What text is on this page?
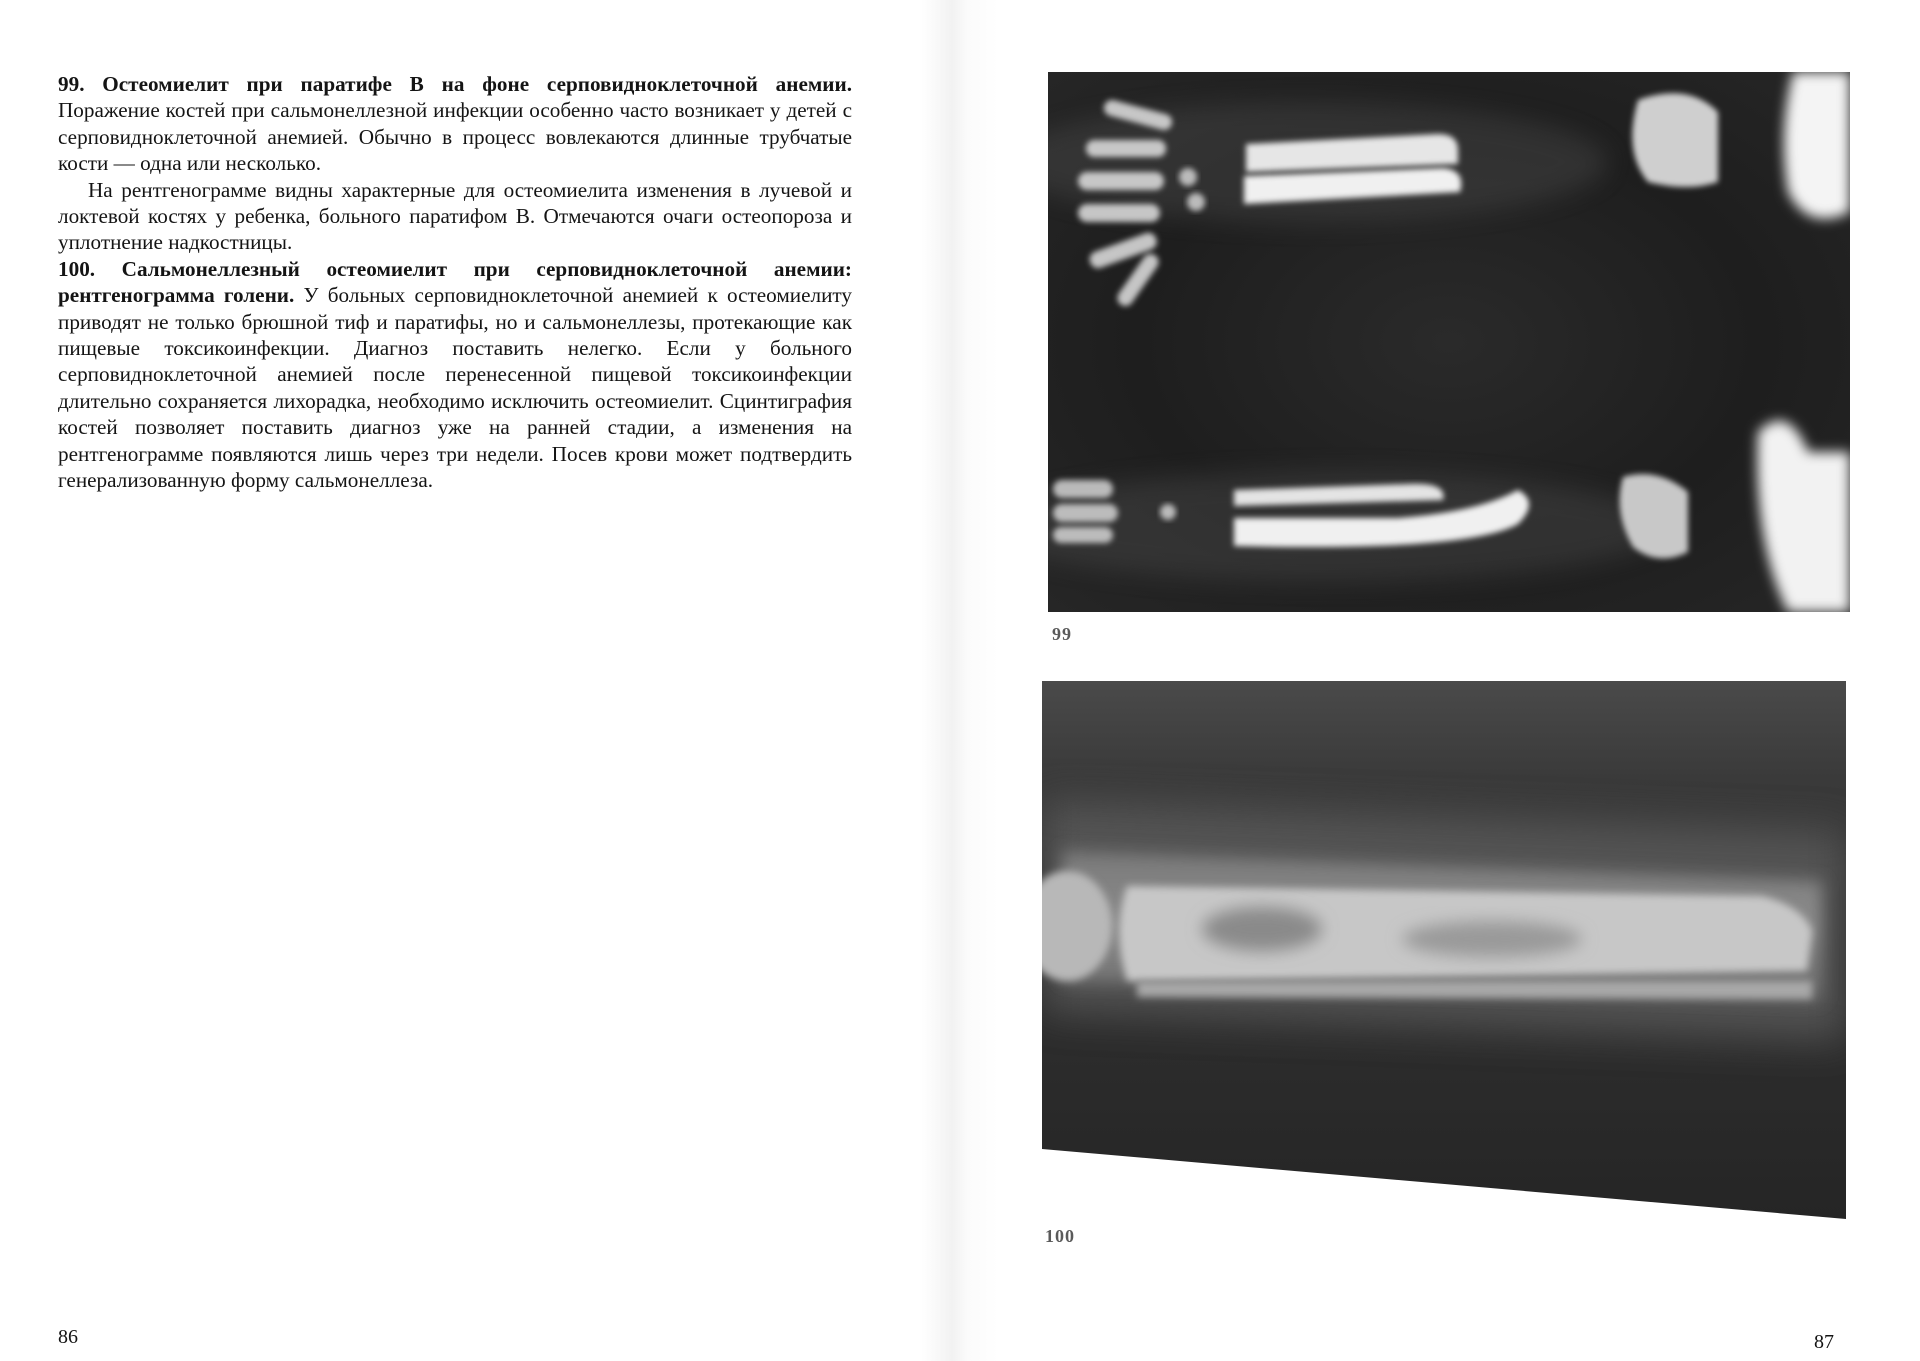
99. Остеомиелит при паратифе В на фоне серповидноклеточной анемии. Поражение костей при сальмонеллезной инфекции особенно часто возникает у детей с серповидноклеточной анемией. Обычно в процесс вовлекаются длинные трубчатые кости — одна или несколько.

На рентгенограмме видны характерные для остеомиелита изменения в лучевой и локтевой костях у ребенка, больного паратифом В. Отмечаются очаги остеопороза и уплотнение надкостницы.

100. Сальмонеллезный остеомиелит при серповидноклеточной анемии: рентгенограмма голени. У больных серповидноклеточной анемией к остеомиелиту приводят не только брюшной тиф и паратифы, но и сальмонеллезы, протекающие как пищевые токсикоинфекции. Диагноз поставить нелегко. Если у больного серповидноклеточной анемией после перенесенной пищевой токсикоинфекции длительно сохраняется лихорадка, необходимо исключить остеомиелит. Сцинтиграфия костей позволяет поставить диагноз уже на ранней стадии, а изменения на рентгенограмме появляются лишь через три недели. Посев крови может подтвердить генерализованную форму сальмонеллеза.

86
99
100
87
